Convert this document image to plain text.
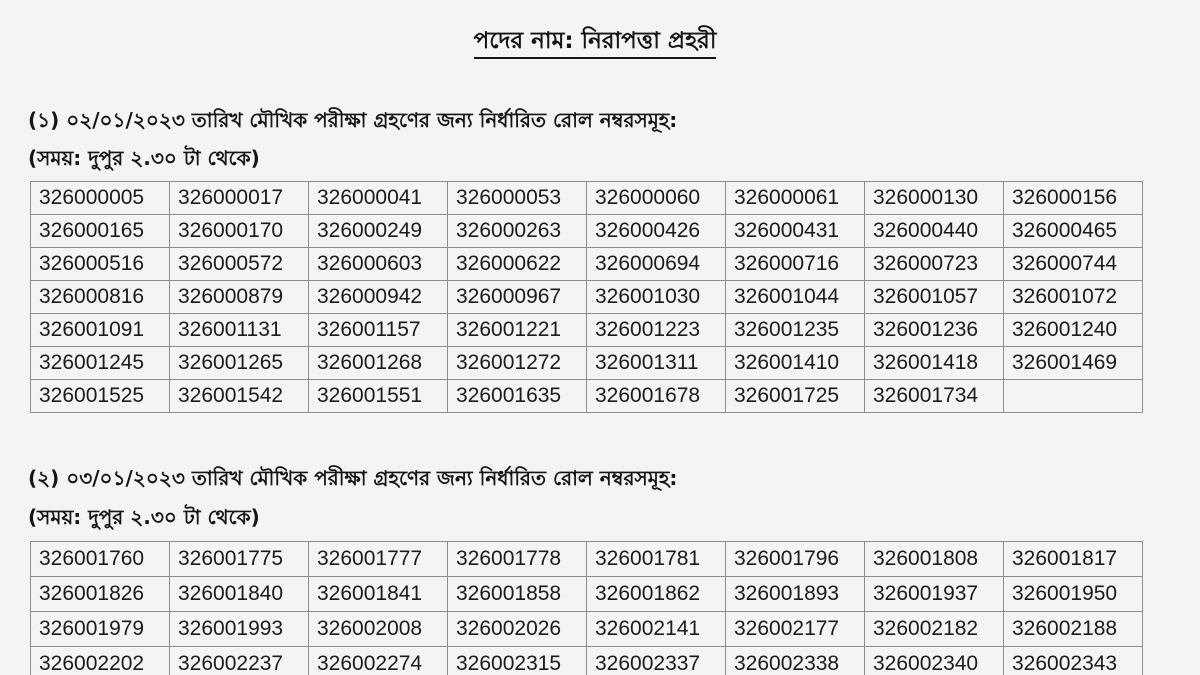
পদের নাম: নিরাপত্তা প্রহরী
(১) ০২/০১/২০২৩ তারিখ মৌখিক পরীক্ষা গ্রহণের জন্য নির্ধারিত রোল নম্বরসমূহ:
(সময়: দুপুর ২.৩০ টা থেকে)
326000005	326000017	326000041	326000053	326000060	326000061	326000130	326000156
326000165	326000170	326000249	326000263	326000426	326000431	326000440	326000465
326000516	326000572	326000603	326000622	326000694	326000716	326000723	326000744
326000816	326000879	326000942	326000967	326001030	326001044	326001057	326001072
326001091	326001131	326001157	326001221	326001223	326001235	326001236	326001240
326001245	326001265	326001268	326001272	326001311	326001410	326001418	326001469
326001525	326001542	326001551	326001635	326001678	326001725	326001734	
(২) ০৩/০১/২০২৩ তারিখ মৌখিক পরীক্ষা গ্রহণের জন্য নির্ধারিত রোল নম্বরসমূহ:
(সময়: দুপুর ২.৩০ টা থেকে)
326001760	326001775	326001777	326001778	326001781	326001796	326001808	326001817
326001826	326001840	326001841	326001858	326001862	326001893	326001937	326001950
326001979	326001993	326002008	326002026	326002141	326002177	326002182	326002188
326002202	326002237	326002274	326002315	326002337	326002338	326002340	326002343
